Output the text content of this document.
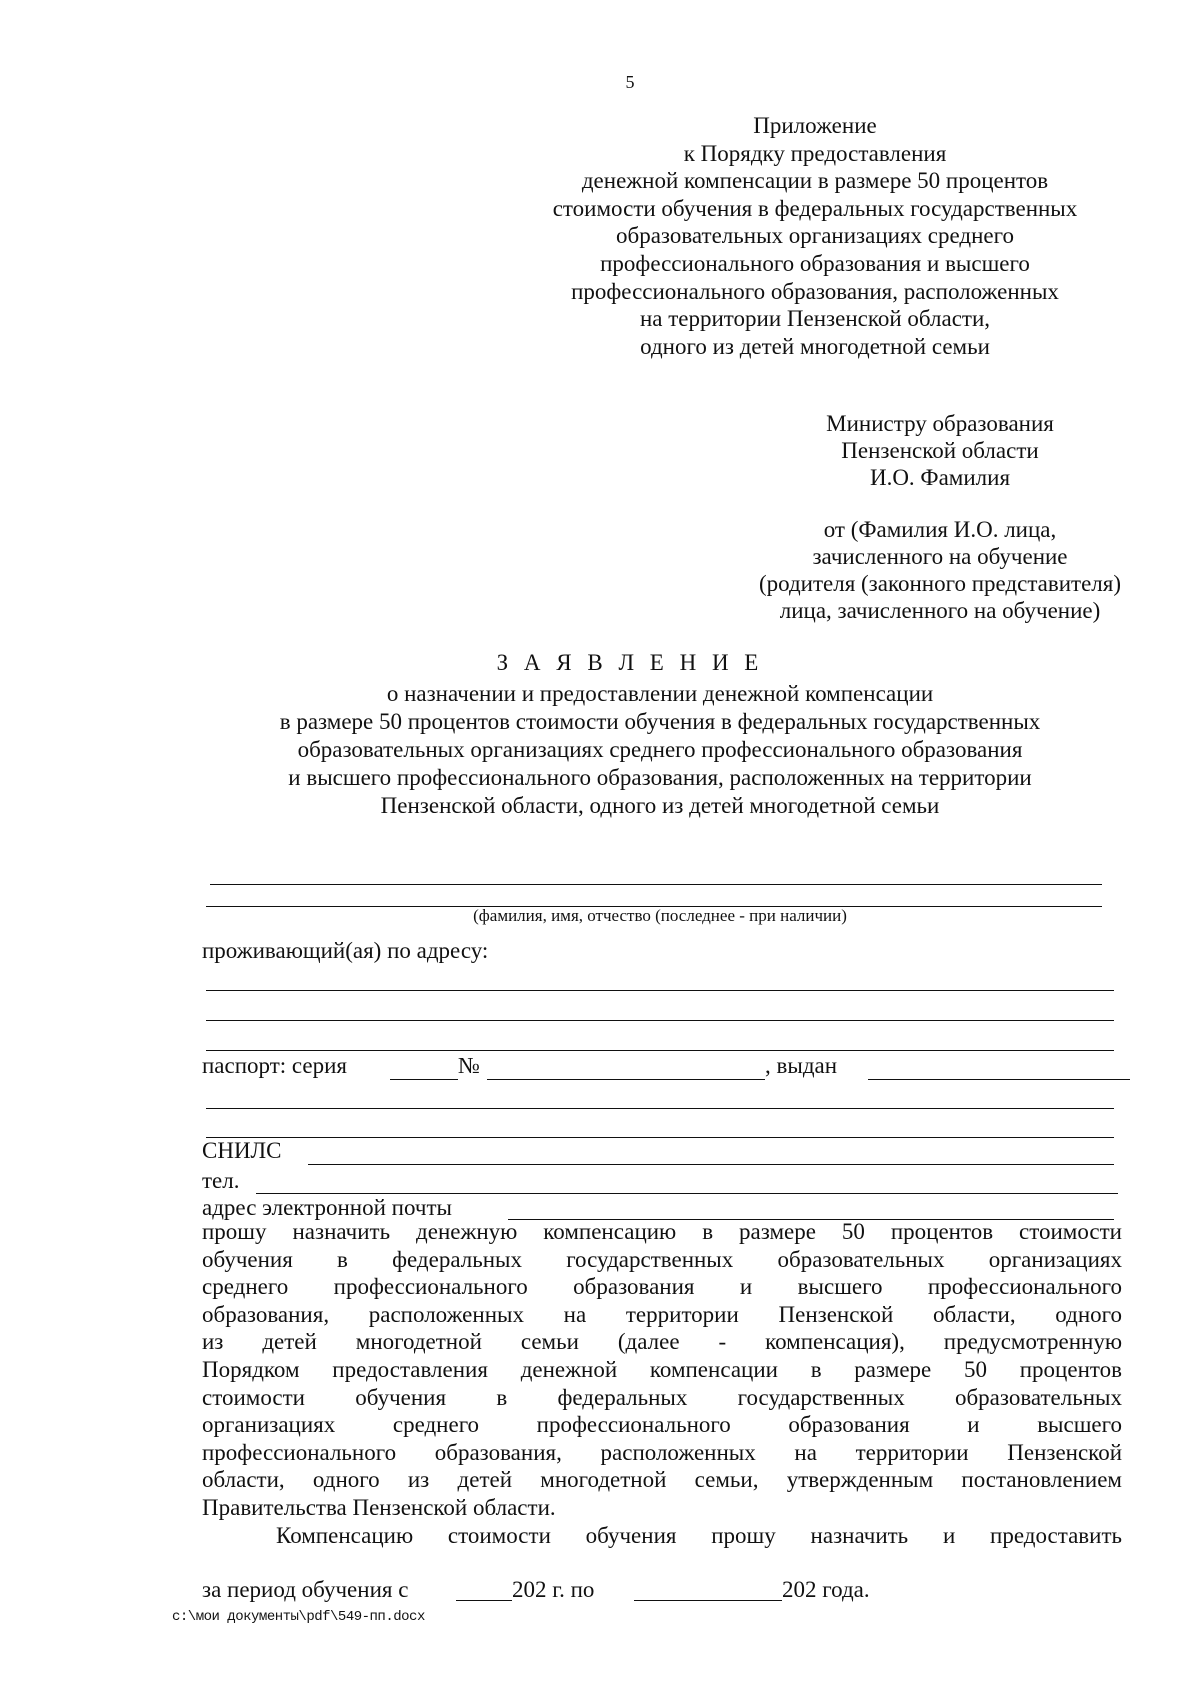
5
Приложение
к Порядку предоставления
денежной компенсации в размере 50 процентов
стоимости обучения в федеральных государственных
образовательных организациях среднего
профессионального образования и высшего
профессионального образования, расположенных
на территории Пензенской области,
одного из детей многодетной семьи
Министру образования
Пензенской области
И.О. Фамилия
от (Фамилия И.О. лица,
зачисленного на обучение
(родителя (законного представителя)
лица, зачисленного на обучение)
З А Я В Л Е Н И Е
о назначении и предоставлении денежной компенсации
в размере 50 процентов стоимости обучения в федеральных государственных
образовательных организациях среднего профессионального образования
и высшего профессионального образования, расположенных на территории
Пензенской области, одного из детей многодетной семьи
(фамилия, имя, отчество (последнее - при наличии)
проживающий(ая) по адресу:
паспорт: серия	№	, выдан
СНИЛС
тел.
адрес электронной почты
прошу назначить денежную компенсацию в размере 50 процентов стоимости
обучения в федеральных государственных образовательных организациях
среднего профессионального образования и высшего профессионального
образования, расположенных на территории Пензенской области, одного
из детей многодетной семьи (далее - компенсация), предусмотренную
Порядком предоставления денежной компенсации в размере 50 процентов
стоимости обучения в федеральных государственных образовательных
организациях среднего профессионального образования и высшего
профессионального образования, расположенных на территории Пензенской
области, одного из детей многодетной семьи, утвержденным постановлением
Правительства Пензенской области.
Компенсацию стоимости обучения прошу назначить и предоставить
за период обучения с	202 г. по	202 года.
c:\мои документы\pdf\549-пп.docx
